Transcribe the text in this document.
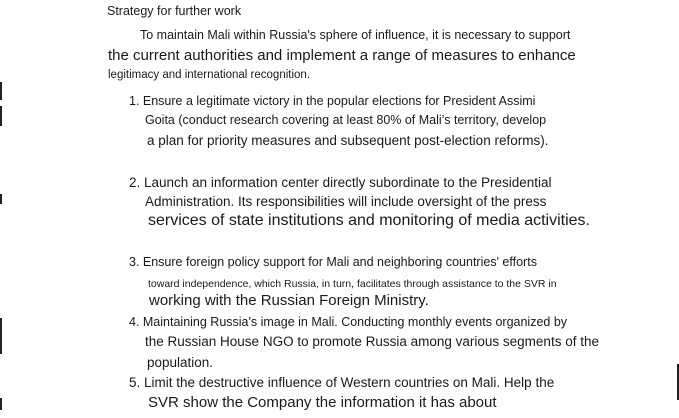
Strategy for further work
To maintain Mali within Russia's sphere of influence, it is necessary to support
the current authorities and implement a range of measures to enhance
legitimacy and international recognition.
1. Ensure a legitimate victory in the popular elections for President Assimi
Goita (conduct research covering at least 80% of Mali’s territory, develop
a plan for priority measures and subsequent post-election reforms).
2. Launch an information center directly subordinate to the Presidential
Administration. Its responsibilities will include oversight of the press
services of state institutions and monitoring of media activities.
3. Ensure foreign policy support for Mali and neighboring countries' efforts
toward independence, which Russia, in turn, facilitates through assistance to the SVR in
working with the Russian Foreign Ministry.
4. Maintaining Russia's image in Mali. Conducting monthly events organized by
the Russian House NGO to promote Russia among various segments of the
population.
5. Limit the destructive influence of Western countries on Mali. Help the
SVR show the Company the information it has about
